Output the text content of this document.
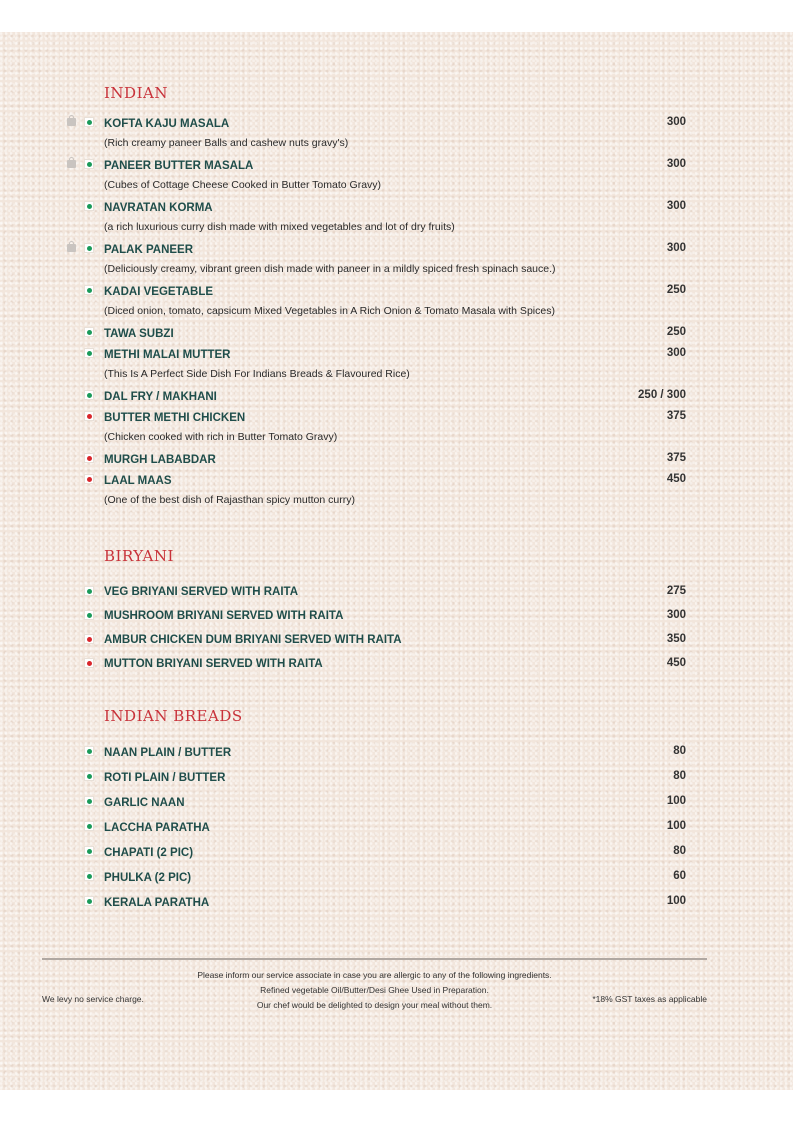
INDIAN
KOFTA KAJU MASALA	300
(Rich creamy paneer Balls and cashew nuts gravy's)
PANEER BUTTER MASALA	300
(Cubes of Cottage Cheese Cooked in Butter Tomato Gravy)
NAVRATAN KORMA	300
(a rich luxurious curry dish made with mixed vegetables and lot of dry fruits)
PALAK PANEER	300
(Deliciously creamy, vibrant green dish made with paneer in a mildly spiced fresh spinach sauce.)
KADAI VEGETABLE	250
(Diced onion, tomato, capsicum Mixed Vegetables in A Rich Onion & Tomato Masala with Spices)
TAWA SUBZI	250
METHI MALAI MUTTER	300
(This Is A Perfect Side Dish For Indians Breads & Flavoured Rice)
DAL FRY / MAKHANI	250 / 300
BUTTER METHI CHICKEN	375
(Chicken cooked with rich in Butter Tomato Gravy)
MURGH LABABDAR	375
LAAL MAAS	450
(One of the best dish of Rajasthan spicy mutton curry)
BIRYANI
VEG BRIYANI SERVED WITH RAITA	275
MUSHROOM BRIYANI SERVED WITH RAITA	300
AMBUR CHICKEN DUM BRIYANI SERVED WITH RAITA	350
MUTTON BRIYANI SERVED WITH RAITA	450
INDIAN BREADS
NAAN PLAIN / BUTTER	80
ROTI PLAIN / BUTTER	80
GARLIC NAAN	100
LACCHA PARATHA	100
CHAPATI (2 PIC)	80
PHULKA (2 PIC)	60
KERALA PARATHA	100
Please inform our service associate in case you are allergic to any of the following ingredients.
Refined vegetable Oil/Butter/Desi Ghee Used in Preparation.
Our chef would be delighted to design your meal without them.
We levy no service charge.	*18% GST taxes as applicable
